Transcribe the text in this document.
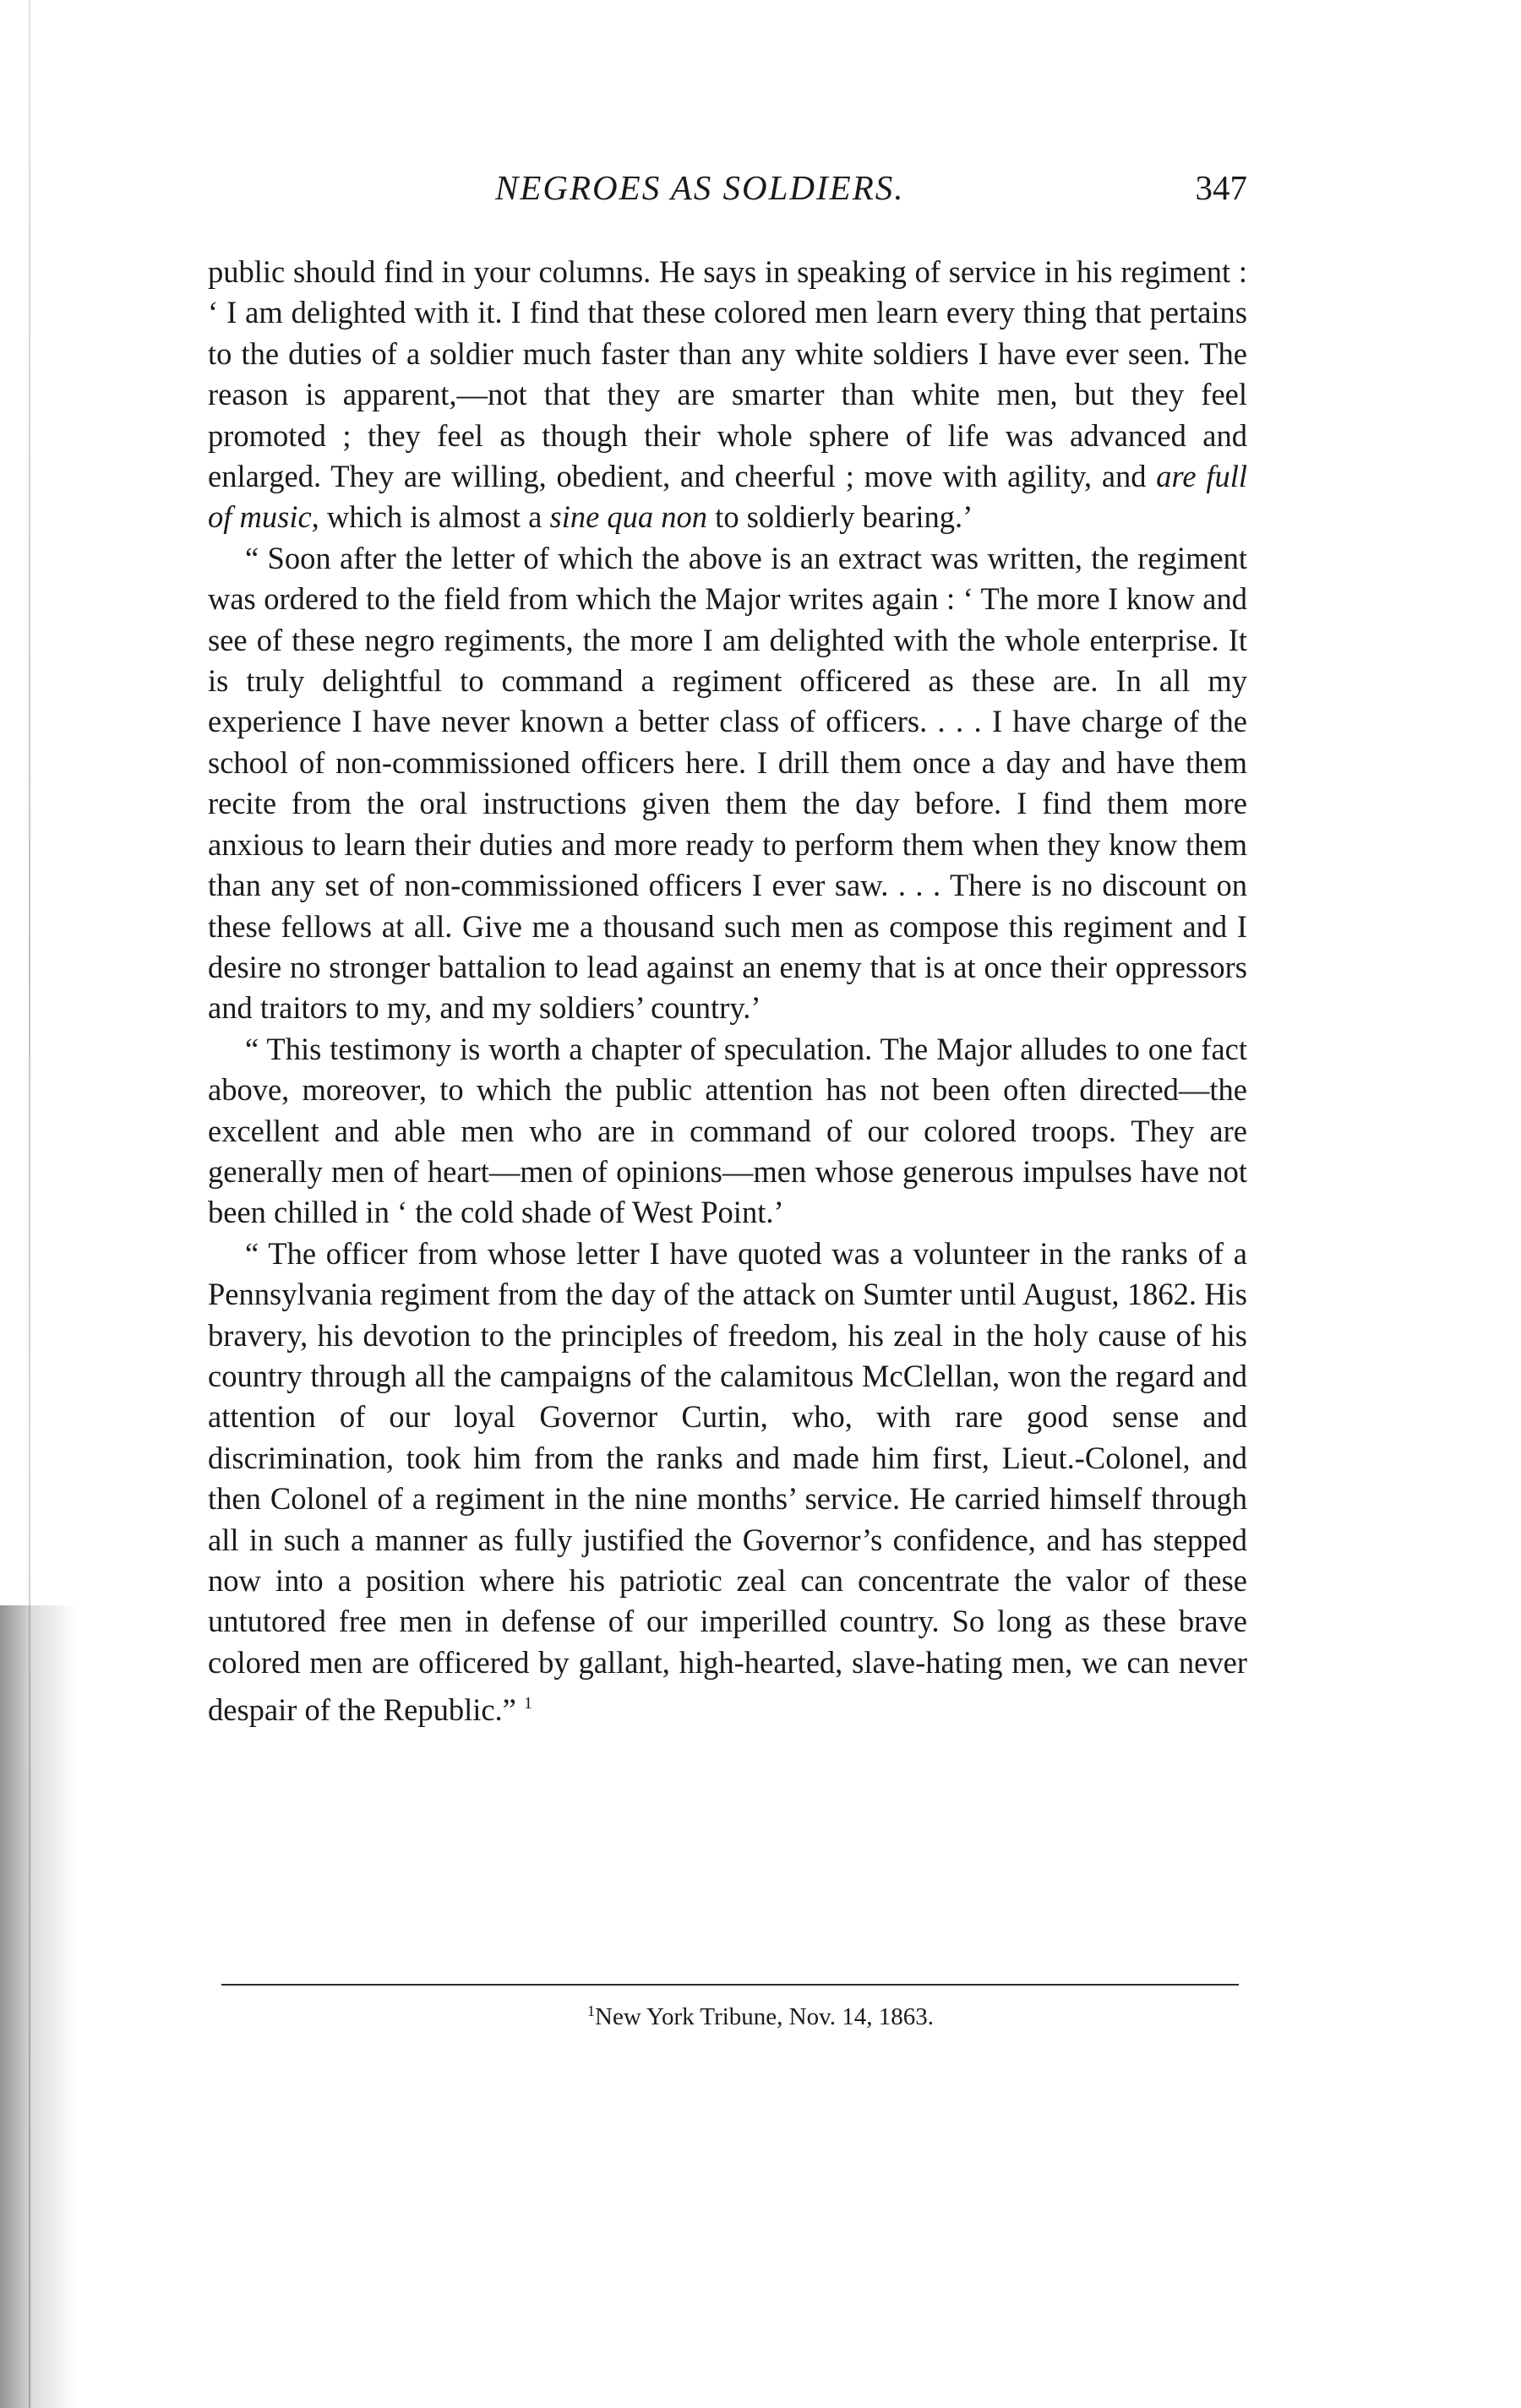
NEGROES AS SOLDIERS.	347

public should find in your columns. He says in speaking of service in his regiment : ‘ I am delighted with it. I find that these colored men learn every thing that pertains to the duties of a soldier much faster than any white soldiers I have ever seen. The reason is apparent,—not that they are smarter than white men, but they feel promoted ; they feel as though their whole sphere of life was advanced and enlarged. They are willing, obedient, and cheerful ; move with agility, and are full of music, which is almost a sine qua non to soldierly bearing.’

“ Soon after the letter of which the above is an extract was written, the regiment was ordered to the field from which the Major writes again : ‘ The more I know and see of these negro regiments, the more I am delighted with the whole enterprise. It is truly delightful to command a regiment officered as these are. In all my experience I have never known a better class of officers. . . . I have charge of the school of non-commissioned officers here. I drill them once a day and have them recite from the oral instructions given them the day before. I find them more anxious to learn their duties and more ready to perform them when they know them than any set of non-commissioned officers I ever saw. . . . There is no discount on these fellows at all. Give me a thousand such men as compose this regiment and I desire no stronger battalion to lead against an enemy that is at once their oppressors and traitors to my, and my soldiers’ country.’

“ This testimony is worth a chapter of speculation. The Major alludes to one fact above, moreover, to which the public attention has not been often directed—the excellent and able men who are in command of our colored troops. They are generally men of heart—men of opinions—men whose generous impulses have not been chilled in ‘ the cold shade of West Point.’

“ The officer from whose letter I have quoted was a volunteer in the ranks of a Pennsylvania regiment from the day of the attack on Sumter until August, 1862. His bravery, his devotion to the principles of freedom, his zeal in the holy cause of his country through all the campaigns of the calamitous McClellan, won the regard and attention of our loyal Governor Curtin, who, with rare good sense and discrimination, took him from the ranks and made him first, Lieut.-Colonel, and then Colonel of a regiment in the nine months’ service. He carried himself through all in such a manner as fully justified the Governor’s confidence, and has stepped now into a position where his patriotic zeal can concentrate the valor of these untutored free men in defense of our imperilled country. So long as these brave colored men are officered by gallant, high-hearted, slave-hating men, we can never despair of the Republic.” $^1$

$^1$New York Tribune, Nov. 14, 1863.
